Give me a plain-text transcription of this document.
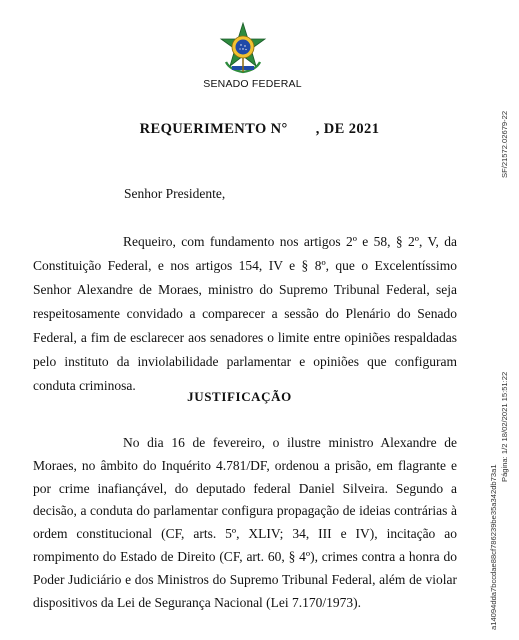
SENADO FEDERAL
REQUERIMENTO N° , DE 2021
Senhor Presidente,
Requeiro, com fundamento nos artigos 2º e 58, § 2º, V, da Constituição Federal, e nos artigos 154, IV e § 8º, que o Excelentíssimo Senhor Alexandre de Moraes, ministro do Supremo Tribunal Federal, seja respeitosamente convidado a comparecer a sessão do Plenário do Senado Federal, a fim de esclarecer aos senadores o limite entre opiniões respaldadas pelo instituto da inviolabilidade parlamentar e opiniões que configuram conduta criminosa.
JUSTIFICAÇÃO
No dia 16 de fevereiro, o ilustre ministro Alexandre de Moraes, no âmbito do Inquérito 4.781/DF, ordenou a prisão, em flagrante e por crime inafiançável, do deputado federal Daniel Silveira. Segundo a decisão, a conduta do parlamentar configura propagação de ideias contrárias à ordem constitucional (CF, arts. 5º, XLIV; 34, III e IV), incitação ao rompimento do Estado de Direito (CF, art. 60, § 4º), crimes contra a honra do Poder Judiciário e dos Ministros do Supremo Tribunal Federal, além de violar dispositivos da Lei de Segurança Nacional (Lei 7.170/1973).
SF/21572.02679-22
Página: 1/2 18/02/2021 15:51:22
a14094dda7bccdae88cf786239be35a342db73a1
